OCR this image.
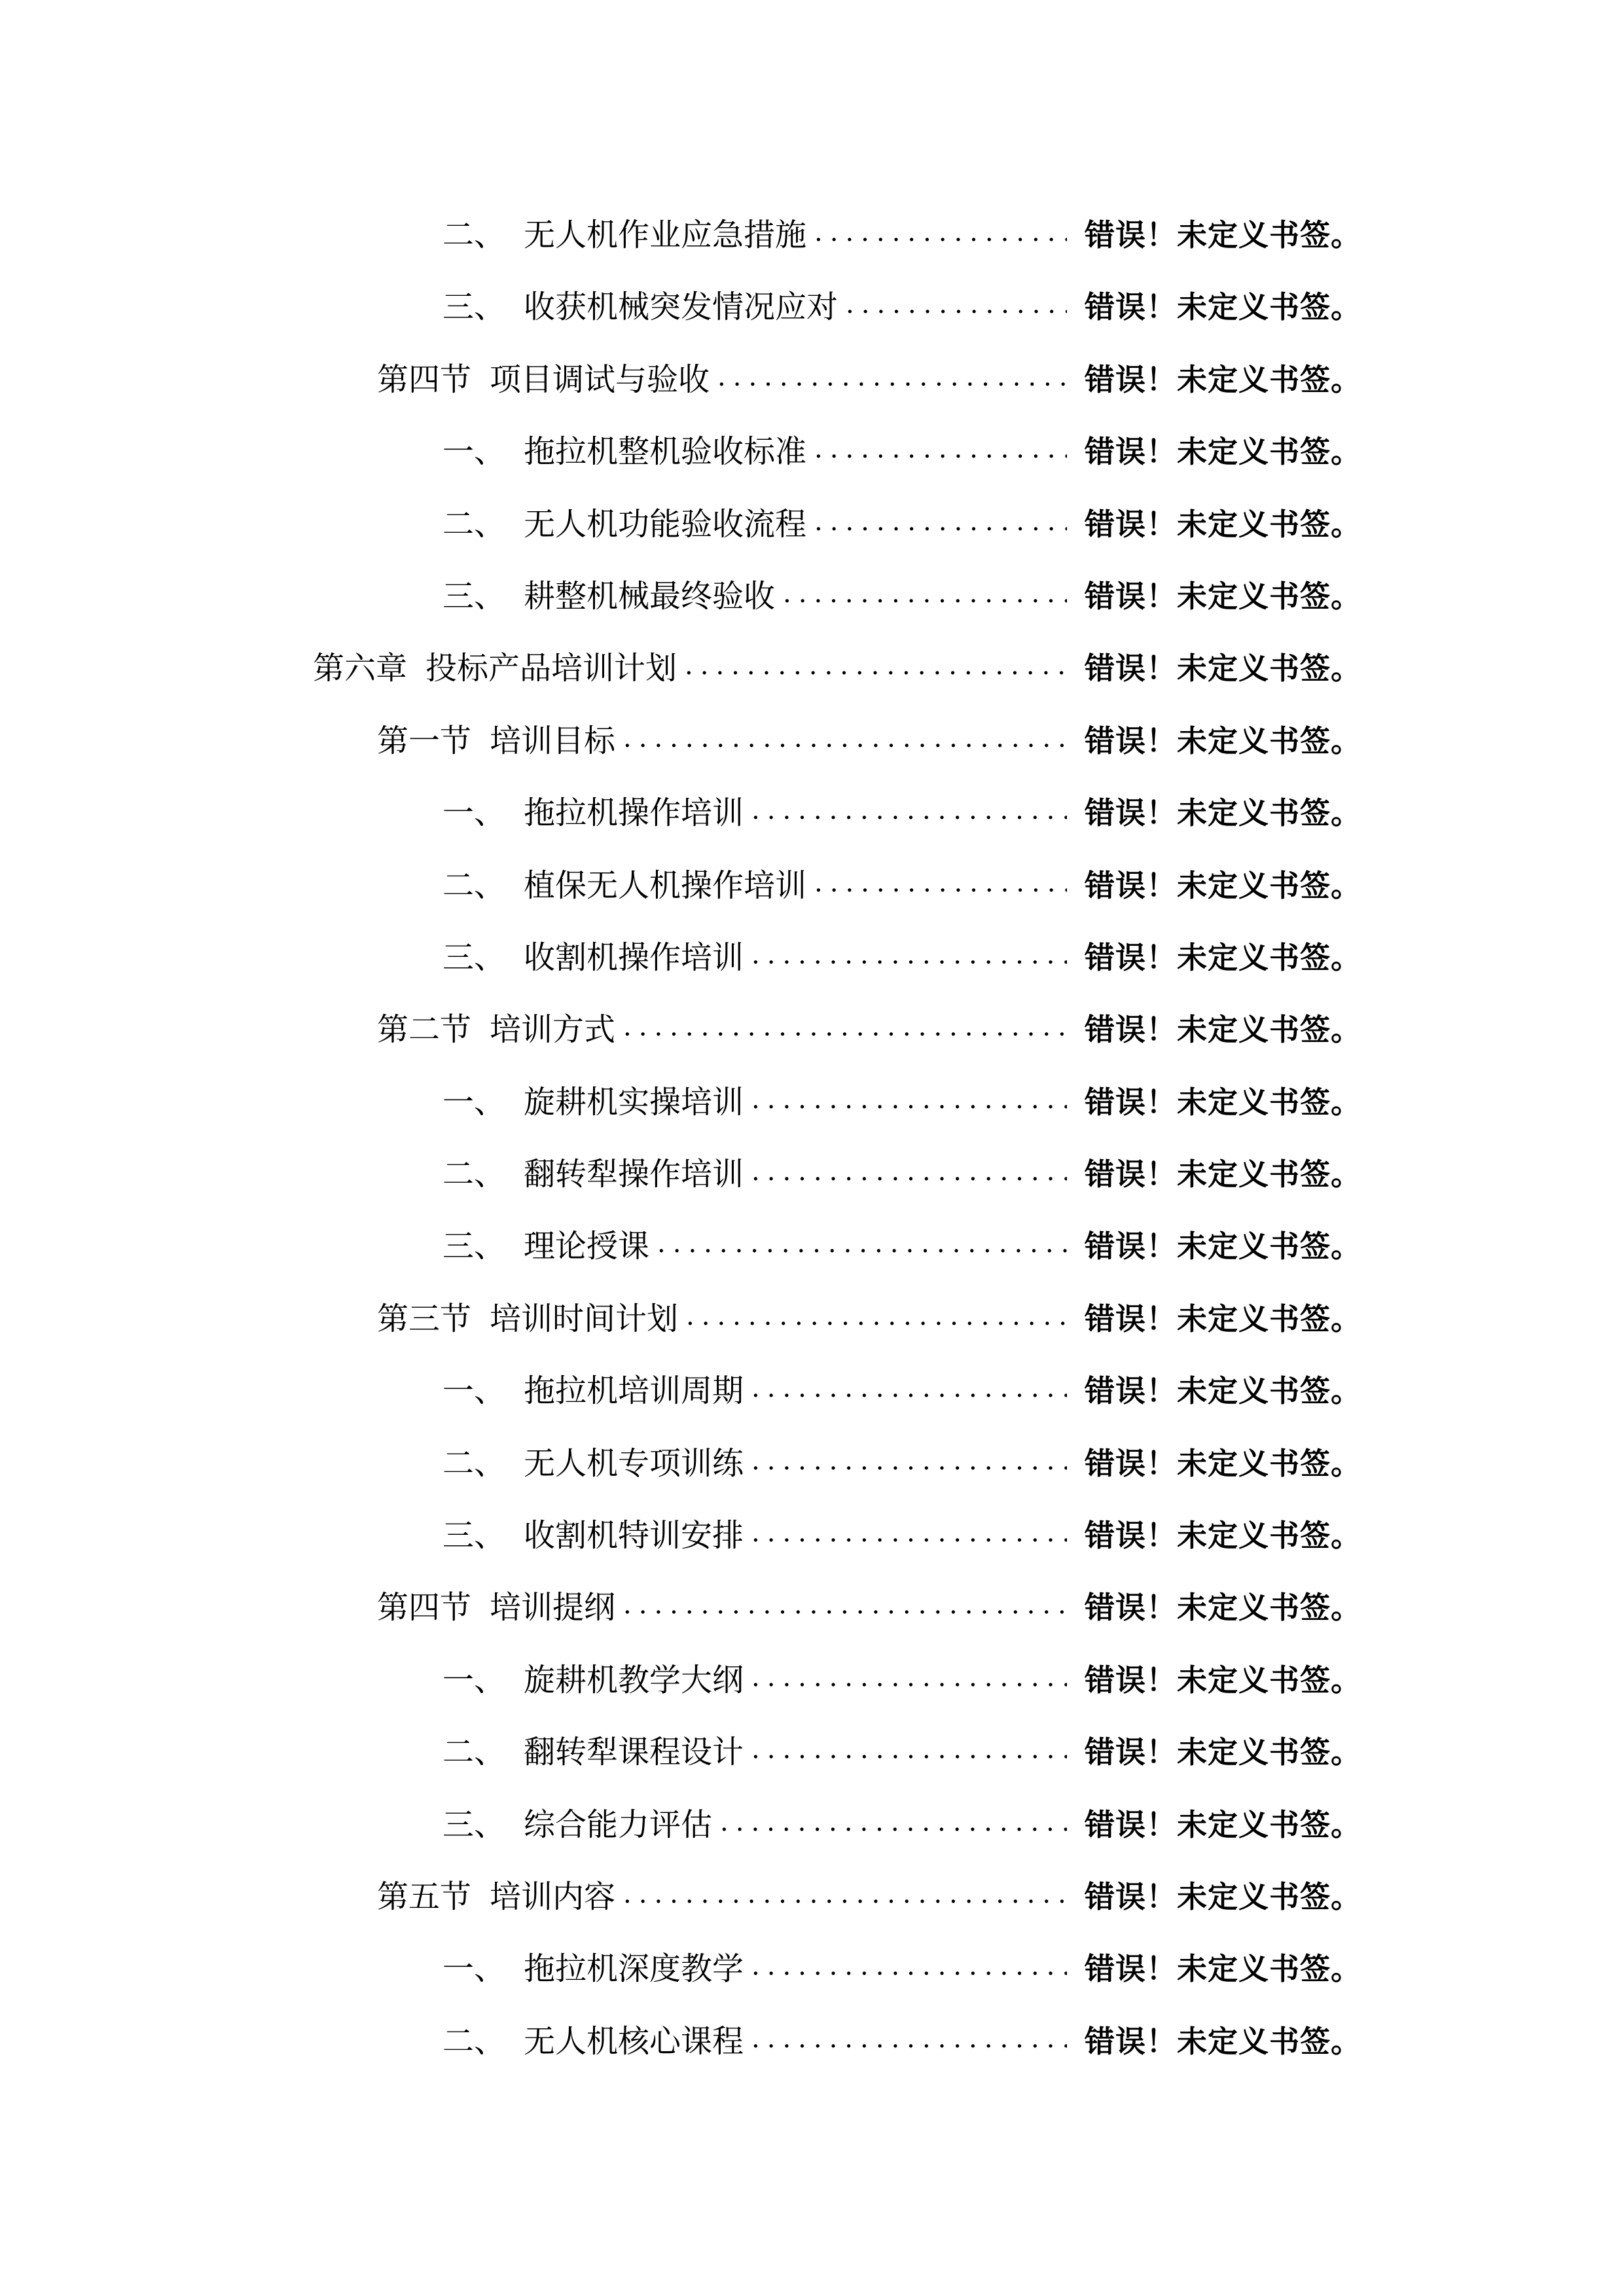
二、 无人机作业应急措施 .....	错误！未定义书签。
三、 收获机械突发情况应对 .....	错误！未定义书签。
第四节 项目调试与验收 .....	错误！未定义书签。
一、 拖拉机整机验收标准 .....	错误！未定义书签。
二、 无人机功能验收流程 .....	错误！未定义书签。
三、 耕整机械最终验收 .....	错误！未定义书签。
第六章 投标产品培训计划 .....	错误！未定义书签。
第一节 培训目标 .....	错误！未定义书签。
一、 拖拉机操作培训 .....	错误！未定义书签。
二、 植保无人机操作培训 .....	错误！未定义书签。
三、 收割机操作培训 .....	错误！未定义书签。
第二节 培训方式 .....	错误！未定义书签。
一、 旋耕机实操培训 .....	错误！未定义书签。
二、 翻转犁操作培训 .....	错误！未定义书签。
三、 理论授课 .....	错误！未定义书签。
第三节 培训时间计划 .....	错误！未定义书签。
一、 拖拉机培训周期 .....	错误！未定义书签。
二、 无人机专项训练 .....	错误！未定义书签。
三、 收割机特训安排 .....	错误！未定义书签。
第四节 培训提纲 .....	错误！未定义书签。
一、 旋耕机教学大纲 .....	错误！未定义书签。
二、 翻转犁课程设计 .....	错误！未定义书签。
三、 综合能力评估 .....	错误！未定义书签。
第五节 培训内容 .....	错误！未定义书签。
一、 拖拉机深度教学 .....	错误！未定义书签。
二、 无人机核心课程 .....	错误！未定义书签。
